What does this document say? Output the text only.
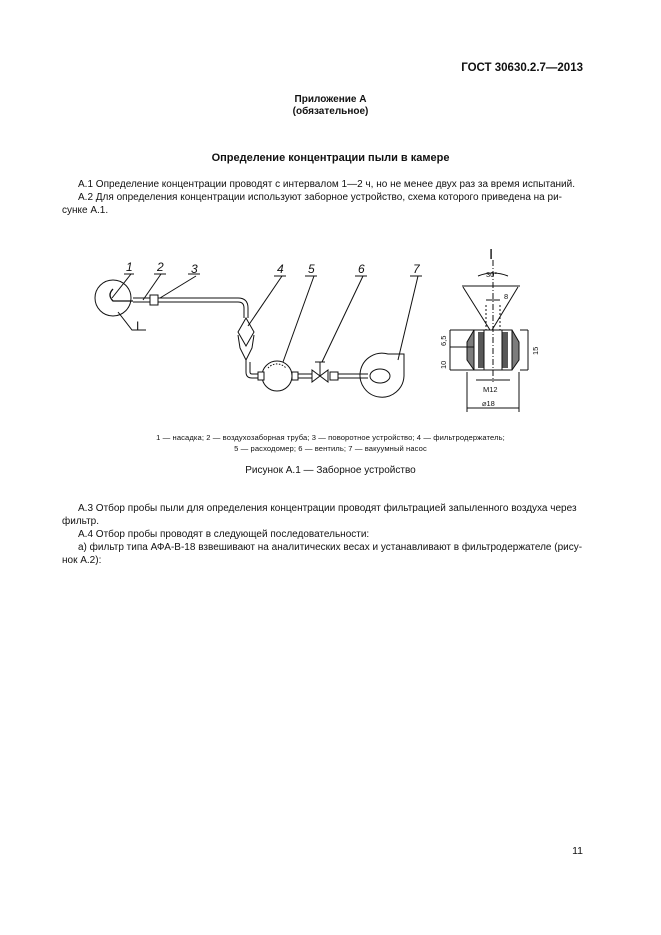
ГОСТ 30630.2.7—2013
Приложение А
(обязательное)
Определение концентрации пыли в камере
А.1 Определение концентрации проводят с интервалом 1—2 ч, но не менее двух раз за время испытаний.
А.2 Для определения концентрации используют заборное устройство, схема которого приведена на ри-
сунке А.1.
1 2 3	4 5	6	7
I
I
30°
8
6,5
10
15
M12
⌀18
1 — насадка; 2 — воздухозаборная труба; 3 — поворотное устройство; 4 — фильтродержатель;
5 — расходомер; 6 — вентиль; 7 — вакуумный насос
Рисунок А.1 — Заборное устройство
А.3 Отбор пробы пыли для определения концентрации проводят фильтрацией запыленного воздуха через
фильтр.
А.4 Отбор пробы проводят в следующей последовательности:
а) фильтр типа АФА-В-18 взвешивают на аналитических весах и устанавливают в фильтродержателе (рису-
нок А.2):
11
